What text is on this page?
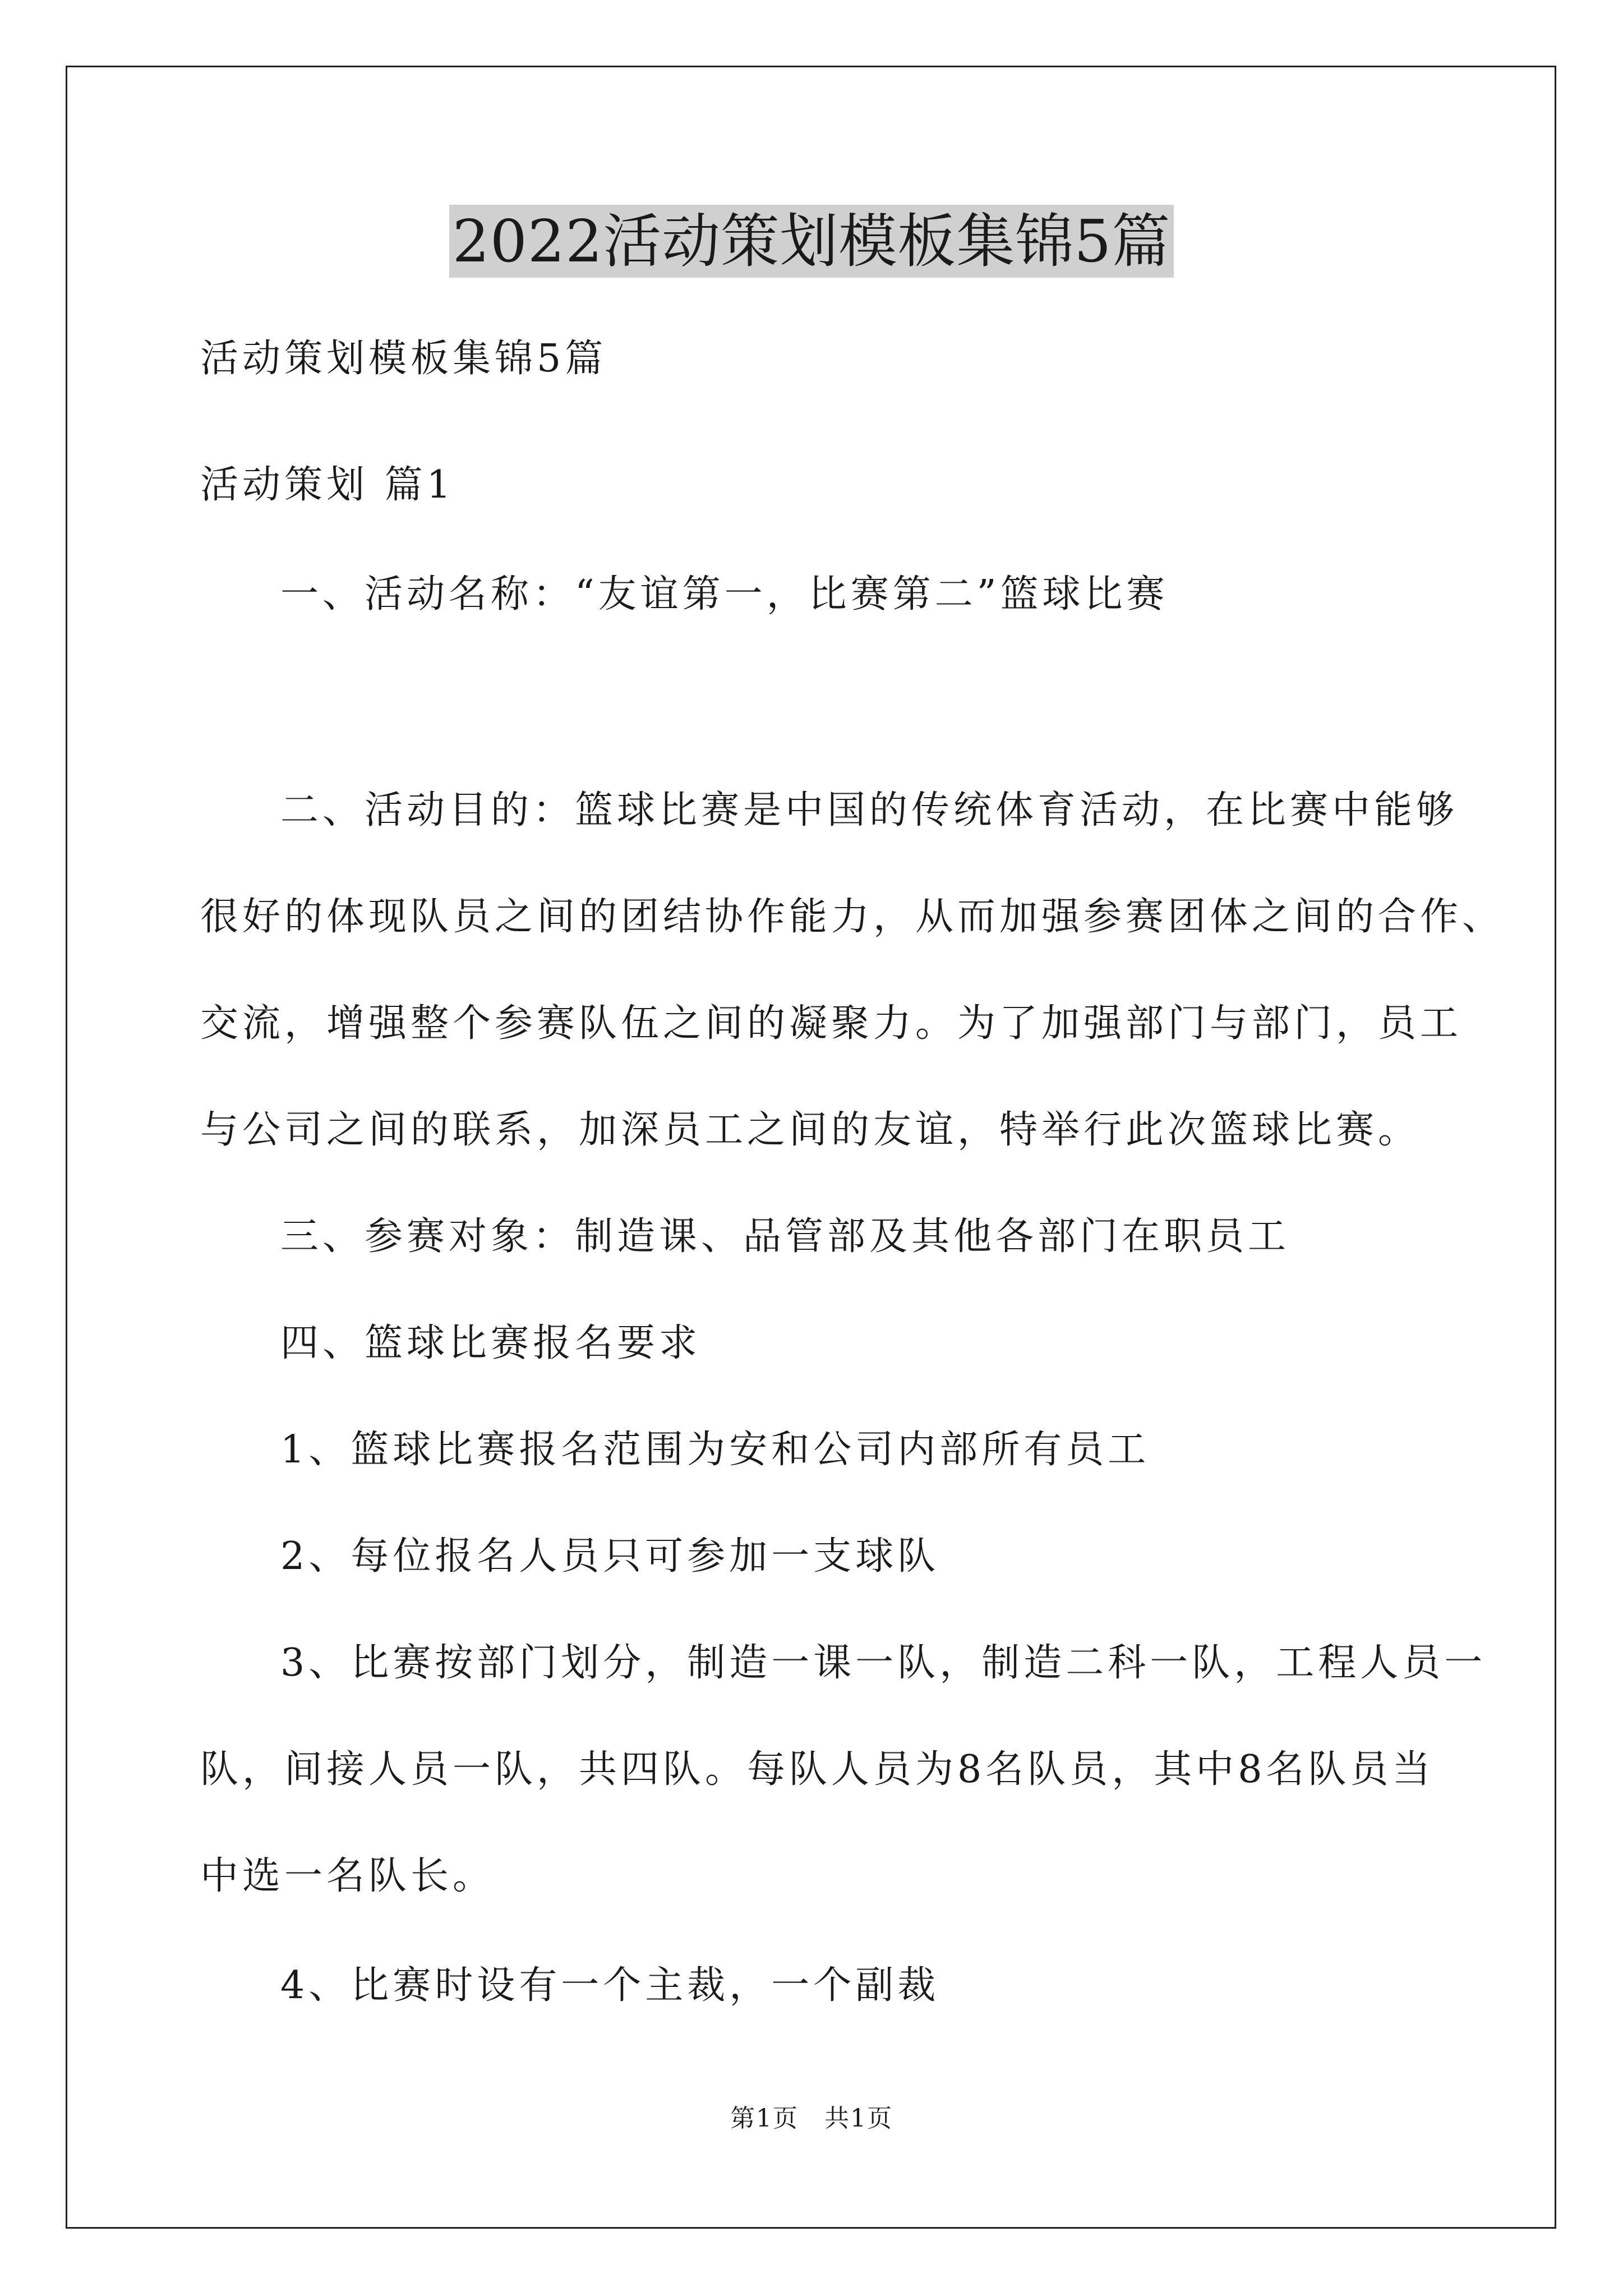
2022活动策划模板集锦5篇
活动策划模板集锦5篇
活动策划 篇1
一、活动名称：“友谊第一，比赛第二”篮球比赛
二、活动目的：篮球比赛是中国的传统体育活动，在比赛中能够
很好的体现队员之间的团结协作能力，从而加强参赛团体之间的合作、
交流，增强整个参赛队伍之间的凝聚力。为了加强部门与部门，员工
与公司之间的联系，加深员工之间的友谊，特举行此次篮球比赛。
三、参赛对象：制造课、品管部及其他各部门在职员工
四、篮球比赛报名要求
1、篮球比赛报名范围为安和公司内部所有员工
2、每位报名人员只可参加一支球队
3、比赛按部门划分，制造一课一队，制造二科一队，工程人员一
队，间接人员一队，共四队。每队人员为8名队员，其中8名队员当
中选一名队长。
4、比赛时设有一个主裁，一个副裁
第1页　共1页
